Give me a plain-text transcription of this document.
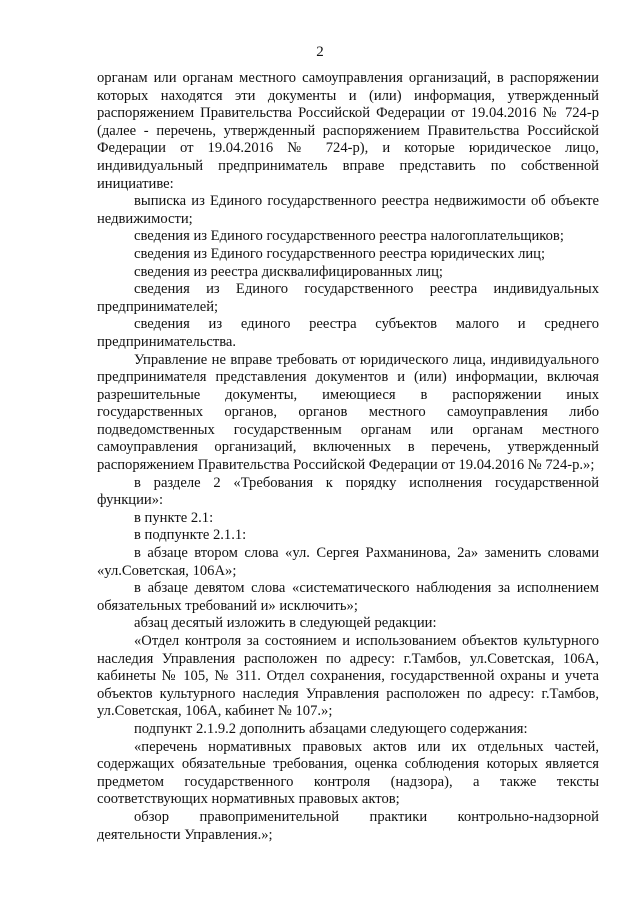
2

органам или органам местного самоуправления организаций, в распоряжении которых находятся эти документы и (или) информация, утвержденный распоряжением Правительства Российской Федерации от 19.04.2016 № 724-р (далее - перечень, утвержденный распоряжением Правительства Российской Федерации от 19.04.2016 № 724-р), и которые юридическое лицо, индивидуальный предприниматель вправе представить по собственной инициативе:

выписка из Единого государственного реестра недвижимости об объекте недвижимости;

сведения из Единого государственного реестра налогоплательщиков;

сведения из Единого государственного реестра юридических лиц;

сведения из реестра дисквалифицированных лиц;

сведения из Единого государственного реестра индивидуальных предпринимателей;

сведения из единого реестра субъектов малого и среднего предпринимательства.

Управление не вправе требовать от юридического лица, индивидуального предпринимателя представления документов и (или) информации, включая разрешительные документы, имеющиеся в распоряжении иных государственных органов, органов местного самоуправления либо подведомственных государственным органам или органам местного самоуправления организаций, включенных в перечень, утвержденный распоряжением Правительства Российской Федерации от 19.04.2016 № 724-р.»;

в разделе 2 «Требования к порядку исполнения государственной функции»:

в пункте 2.1:

в подпункте 2.1.1:

в абзаце втором слова «ул. Сергея Рахманинова, 2а» заменить словами «ул.Советская, 106А»;

в абзаце девятом слова «систематического наблюдения за исполнением обязательных требований и» исключить»;

абзац десятый изложить в следующей редакции:

«Отдел контроля за состоянием и использованием объектов культурного наследия Управления расположен по адресу: г.Тамбов, ул.Советская, 106А, кабинеты № 105, № 311. Отдел сохранения, государственной охраны и учета объектов культурного наследия Управления расположен по адресу: г.Тамбов, ул.Советская, 106А, кабинет № 107.»;

подпункт 2.1.9.2 дополнить абзацами следующего содержания:

«перечень нормативных правовых актов или их отдельных частей, содержащих обязательные требования, оценка соблюдения которых является предметом государственного контроля (надзора), а также тексты соответствующих нормативных правовых актов;

обзор правоприменительной практики контрольно-надзорной деятельности Управления.»;
